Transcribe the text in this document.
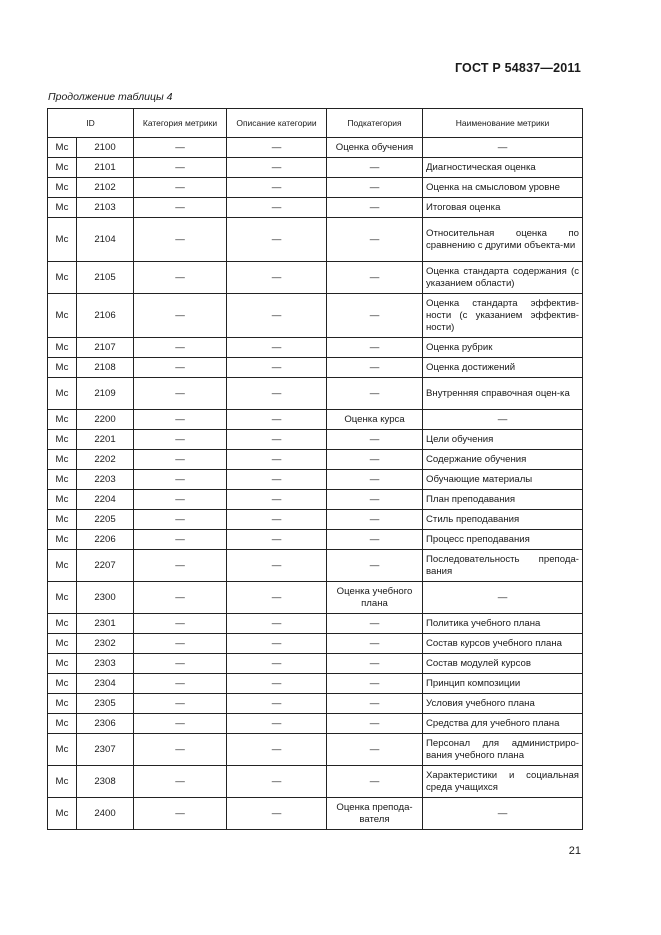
ГОСТ Р 54837—2011
Продолжение таблицы 4
ID		Категория метрики	Описание категории	Подкатегория	Наименование метрики
Мс	2100	—	—	Оценка обучения	—
Мс	2101	—	—	—	Диагностическая оценка
Мс	2102	—	—	—	Оценка на смысловом уровне
Мс	2103	—	—	—	Итоговая оценка
Мс	2104	—	—	—	Относительная оценка по сравнению с другими объекта-ми
Мс	2105	—	—	—	Оценка стандарта содержания (с указанием области)
Мс	2106	—	—	—	Оценка стандарта эффектив-ности (с указанием эффектив-ности)
Мс	2107	—	—	—	Оценка рубрик
Мс	2108	—	—	—	Оценка достижений
Мс	2109	—	—	—	Внутренняя справочная оцен-ка
Мс	2200	—	—	Оценка курса	—
Мс	2201	—	—	—	Цели обучения
Мс	2202	—	—	—	Содержание обучения
Мс	2203	—	—	—	Обучающие материалы
Мс	2204	—	—	—	План преподавания
Мс	2205	—	—	—	Стиль преподавания
Мс	2206	—	—	—	Процесс преподавания
Мс	2207	—	—	—	Последовательность препода-вания
Мс	2300	—	—	Оценка учебного плана	—
Мс	2301	—	—	—	Политика учебного плана
Мс	2302	—	—	—	Состав курсов учебного плана
Мс	2303	—	—	—	Состав модулей курсов
Мс	2304	—	—	—	Принцип композиции
Мс	2305	—	—	—	Условия учебного плана
Мс	2306	—	—	—	Средства для учебного плана
Мс	2307	—	—	—	Персонал для администриро-вания учебного плана
Мс	2308	—	—	—	Характеристики и социальная среда учащихся
Мс	2400	—	—	Оценка препода-вателя	—
21
